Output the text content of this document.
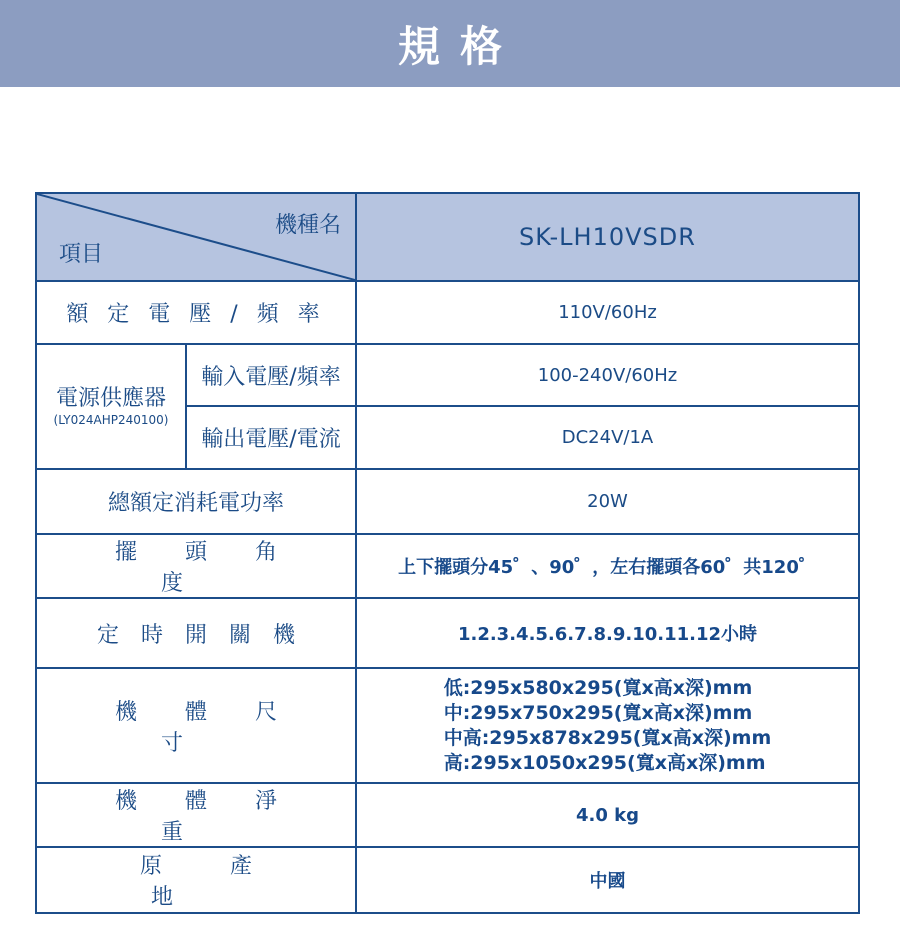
規格
機種名
項目		SK-LH10VSDR
額 定 電 壓 / 頻 率		110V/60Hz

電源供應器
(LY024AHP240100)	輸入電壓/頻率	100-240V/60Hz
	輸出電壓/電流	DC24V/1A
總額定消耗電功率		20W
擺頭角度		上下擺頭分45゜、90゜，左右擺頭各60゜共120゜
定時開關機		1.2.3.4.5.6.7.8.9.10.11.12小時
機體尺寸		低:295x580x295(寬x高x深)mm
中:295x750x295(寬x高x深)mm
中高:295x878x295(寬x高x深)mm
高:295x1050x295(寬x高x深)mm

機體淨重		4.0 kg
原產地		中國
